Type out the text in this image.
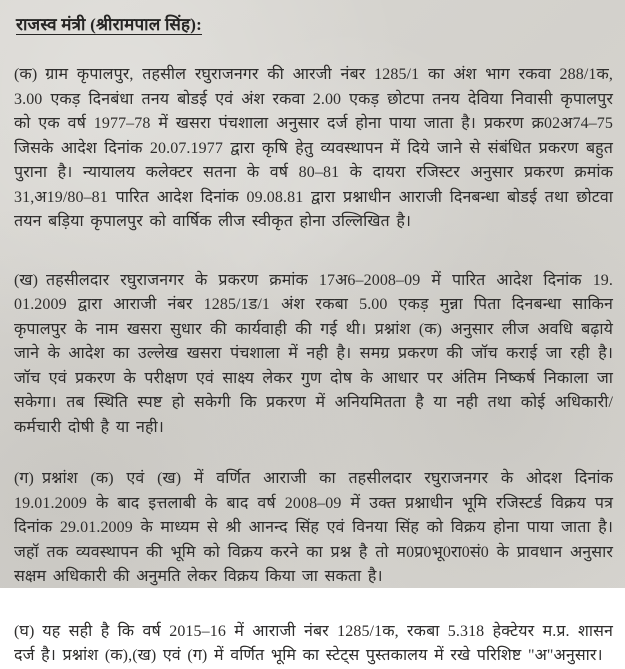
राजस्व मंत्री (श्रीरामपाल सिंह):

(क) ग्राम कृपालपुर, तहसील रघुराजनगर की आरजी नंबर 1285/1 का अंश भाग रकवा 288/1क, 3.00 एकड़ दिनबंधा तनय बोडई एवं अंश रकवा 2.00 एकड़ छोटपा तनय देविया निवासी कृपालपुर को एक वर्ष 1977–78 में खसरा पंचशाला अनुसार दर्ज होना पाया जाता है। प्रकरण क्र02अ74–75 जिसके आदेश दिनांक 20.07.1977 द्वारा कृषि हेतु व्यवस्थापन में दिये जाने से संबंधित प्रकरण बहुत पुराना है। न्यायालय कलेक्टर सतना के वर्ष 80–81 के दायरा रजिस्टर अनुसार प्रकरण क्रमांक 31,अ19/80–81 पारित आदेश दिनांक 09.08.81 द्वारा प्रश्नाधीन आराजी दिनबन्धा बोडई तथा छोटवा तयन बड़िया कृपालपुर को वार्षिक लीज स्वीकृत होना उल्लिखित है।

(ख) तहसीलदार रघुराजनगर के प्रकरण क्रमांक 17अ6–2008–09 में पारित आदेश दिनांक 19. 01.2009 द्वारा आराजी नंबर 1285/1ड/1 अंश रकबा 5.00 एकड़ मुन्ना पिता दिनबन्धा साकिन कृपालपुर के नाम खसरा सुधार की कार्यवाही की गई थी। प्रश्नांश (क) अनुसार लीज अवधि बढ़ाये जाने के आदेश का उल्लेख खसरा पंचशाला में नही है। समग्र प्रकरण की जॉच कराई जा रही है। जॉच एवं प्रकरण के परीक्षण एवं साक्ष्य लेकर गुण दोष के आधार पर अंतिम निष्कर्ष निकाला जा सकेगा। तब स्थिति स्पष्ट हो सकेगी कि प्रकरण में अनियमितता है या नही तथा कोई अधिकारी/कर्मचारी दोषी है या नही।

(ग) प्रश्नांश (क) एवं (ख) में वर्णित आराजी का तहसीलदार रघुराजनगर के ओदश दिनांक 19.01.2009 के बाद इत्तलाबी के बाद वर्ष 2008–09 में उक्त प्रश्नाधीन भूमि रजिस्टर्ड विक्रय पत्र दिनांक 29.01.2009 के माध्यम से श्री आनन्द सिंह एवं विनया सिंह को विक्रय होना पाया जाता है। जहॉ तक व्यवस्थापन की भूमि को विक्रय करने का प्रश्न है तो म0प्र0भू0रा0सं0 के प्रावधान अनुसार सक्षम अधिकारी की अनुमति लेकर विक्रय किया जा सकता है।

(घ) यह सही है कि वर्ष 2015–16 में आराजी नंबर 1285/1क, रकबा 5.318 हेक्टेयर म.प्र. शासन दर्ज है। प्रश्नांश (क),(ख) एवं (ग) में वर्णित भूमि का स्टेट्स पुस्तकालय में रखे परिशिष्ट "अ"अनुसार।
